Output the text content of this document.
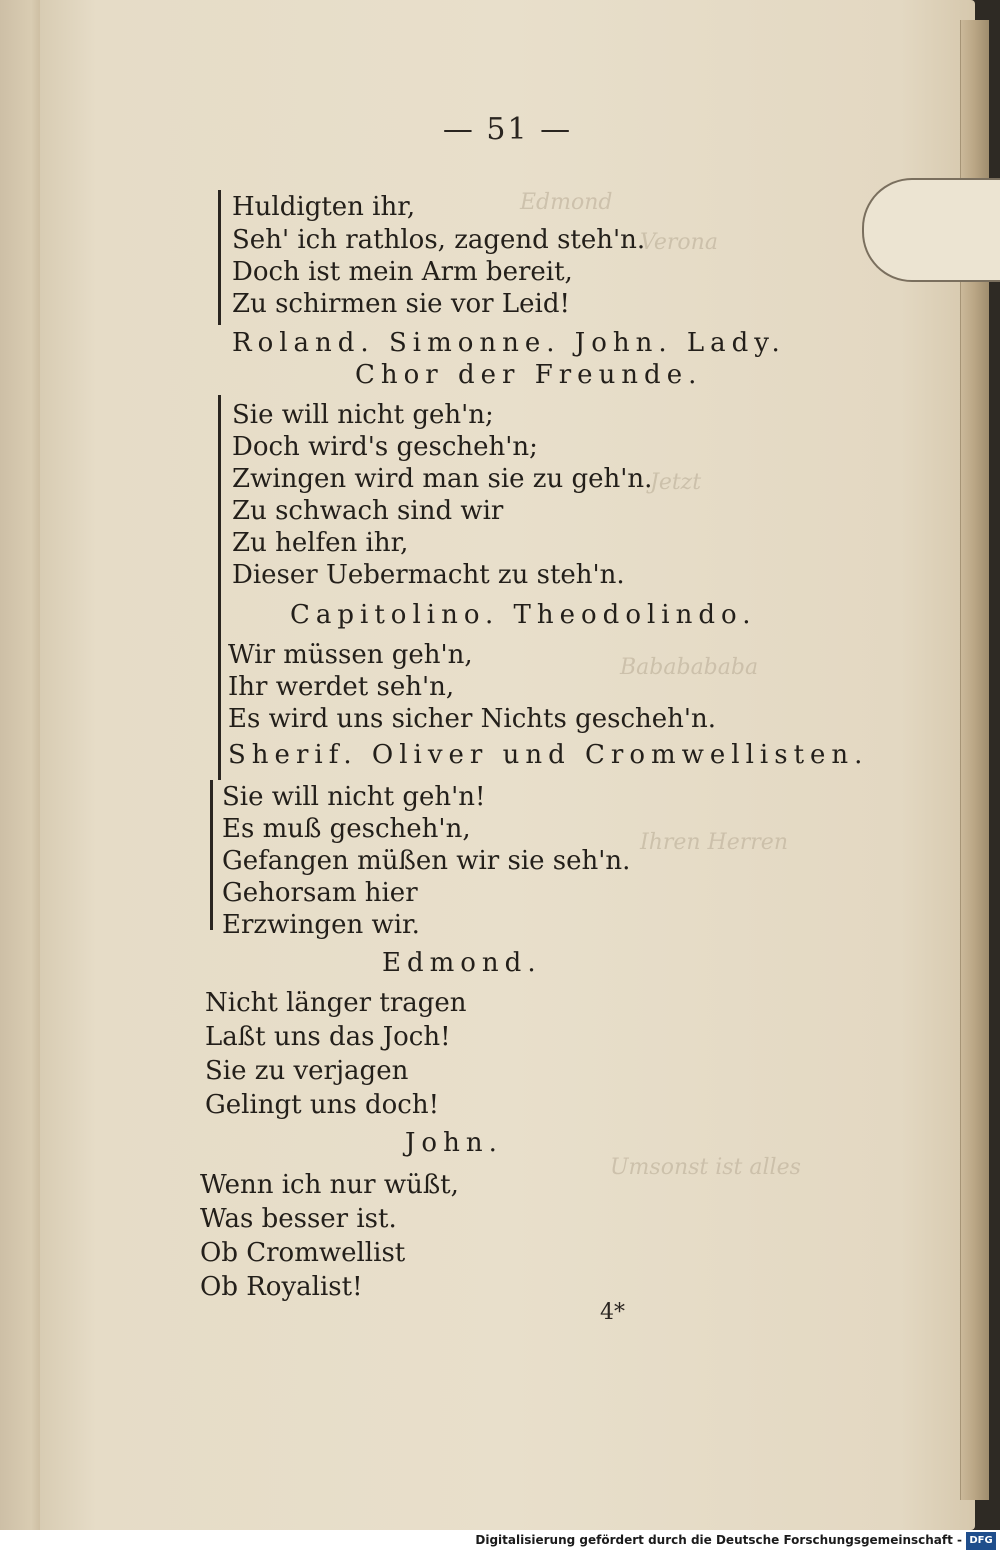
— 51 —
Edmond
Verona
Jetzt
Bababababa
Ihren Herren
Umsonst ist alles
Huldigten ihr,
Seh' ich rathlos, zagend steh'n.
Doch ist mein Arm bereit,
Zu schirmen sie vor Leid!
Roland. Simonne. John. Lady.
Chor der Freunde.
Sie will nicht geh'n;
Doch wird's gescheh'n;
Zwingen wird man sie zu geh'n.
Zu schwach sind wir
Zu helfen ihr,
Dieser Uebermacht zu steh'n.
Capitolino. Theodolindo.
Wir müssen geh'n,
Ihr werdet seh'n,
Es wird uns sicher Nichts gescheh'n.
Sherif. Oliver und Cromwellisten.
Sie will nicht geh'n!
Es muß gescheh'n,
Gefangen müßen wir sie seh'n.
Gehorsam hier
Erzwingen wir.
Edmond.
Nicht länger tragen
Laßt uns das Joch!
Sie zu verjagen
Gelingt uns doch!
John.
Wenn ich nur wüßt,
Was besser ist.
Ob Cromwellist
Ob Royalist!
4*
Digitalisierung gefördert durch die Deutsche Forschungsgemeinschaft - DFG
